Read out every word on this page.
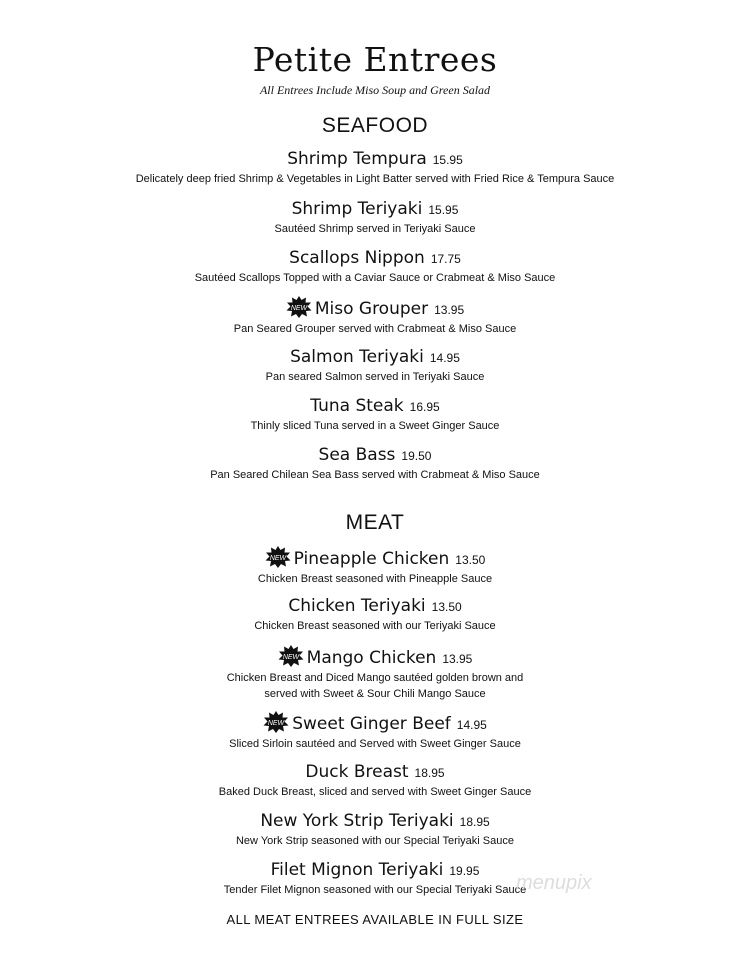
Petite Entrees
All Entrees Include Miso Soup and Green Salad
SEAFOOD
Shrimp Tempura 15.95
Delicately deep fried Shrimp & Vegetables in Light Batter served with Fried Rice & Tempura Sauce
Shrimp Teriyaki 15.95
Sautéed Shrimp served in Teriyaki Sauce
Scallops Nippon 17.75
Sautéed Scallops Topped with a Caviar Sauce or Crabmeat & Miso Sauce
NEW Miso Grouper 13.95
Pan Seared Grouper served with Crabmeat & Miso Sauce
Salmon Teriyaki 14.95
Pan seared Salmon served in Teriyaki Sauce
Tuna Steak 16.95
Thinly sliced Tuna served in a Sweet Ginger Sauce
Sea Bass 19.50
Pan Seared Chilean Sea Bass served with Crabmeat & Miso Sauce
MEAT
NEW Pineapple Chicken 13.50
Chicken Breast seasoned with Pineapple Sauce
Chicken Teriyaki 13.50
Chicken Breast seasoned with our Teriyaki Sauce
NEW Mango Chicken 13.95
Chicken Breast and Diced Mango sautéed golden brown and
served with Sweet & Sour Chili Mango Sauce
NEW Sweet Ginger Beef 14.95
Sliced Sirloin sautéed and Served with Sweet Ginger Sauce
Duck Breast 18.95
Baked Duck Breast, sliced and served with Sweet Ginger Sauce
New York Strip Teriyaki 18.95
New York Strip seasoned with our Special Teriyaki Sauce
Filet Mignon Teriyaki 19.95
Tender Filet Mignon seasoned with our Special Teriyaki Sauce
ALL MEAT ENTREES AVAILABLE IN FULL SIZE
menupix
